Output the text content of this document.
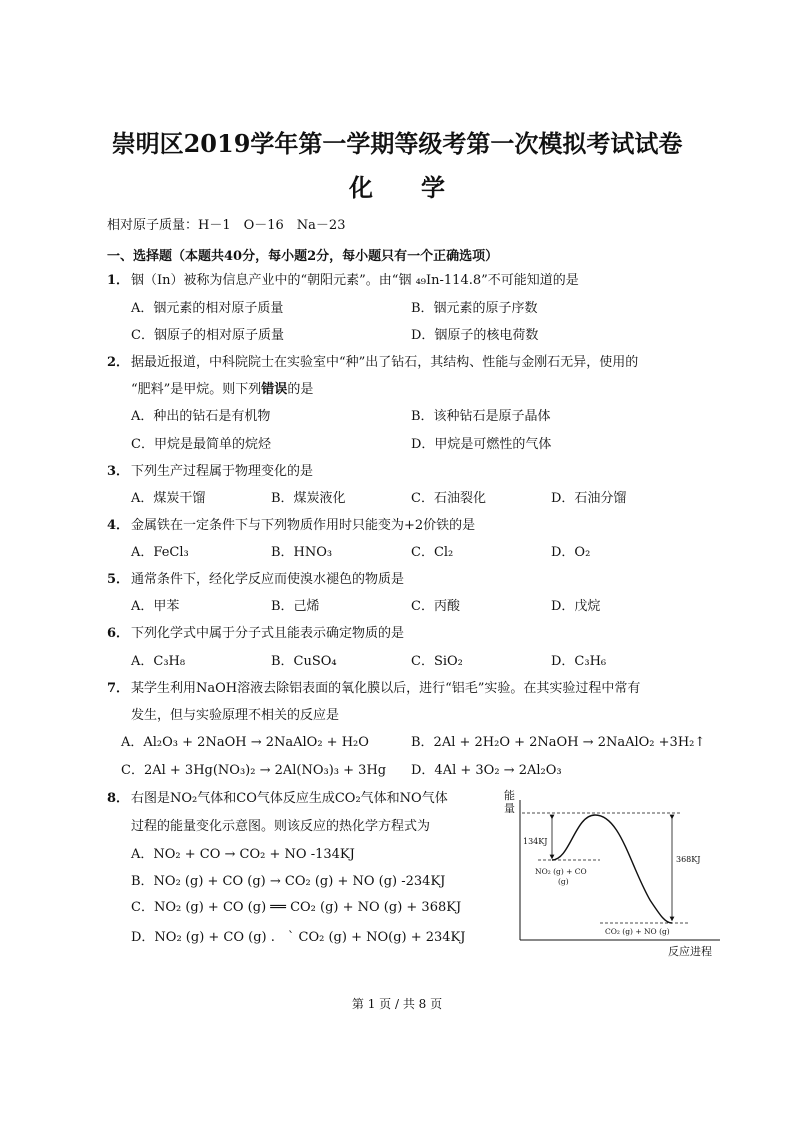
崇明区2019学年第一学期等级考第一次模拟考试试卷
化　　学
相对原子质量：H－1　O－16　Na－23
一、选择题（本题共40分，每小题2分，每小题只有一个正确选项）
1． 铟（In）被称为信息产业中的“朝阳元素”。由“铟 ₄₉In-114.8”不可能知道的是
A．铟元素的相对原子质量	B．铟元素的原子序数
C．铟原子的相对原子质量	D．铟原子的核电荷数
2． 据最近报道，中科院院士在实验室中“种”出了钻石，其结构、性能与金刚石无异，使用的
“肥料”是甲烷。则下列错误的是
A．种出的钻石是有机物	B．该种钻石是原子晶体
C．甲烷是最简单的烷烃	D．甲烷是可燃性的气体
3． 下列生产过程属于物理变化的是
A．煤炭干馏	B．煤炭液化	C．石油裂化	D．石油分馏
4． 金属铁在一定条件下与下列物质作用时只能变为+2价铁的是
A．FeCl₃	B．HNO₃	C．Cl₂	D．O₂
5． 通常条件下，经化学反应而使溴水褪色的物质是
A．甲苯	B．己烯	C．丙酸	D．戊烷
6． 下列化学式中属于分子式且能表示确定物质的是
A．C₃H₈	B．CuSO₄	C．SiO₂	D．C₃H₆
7． 某学生利用NaOH溶液去除铝表面的氧化膜以后，进行“铝毛”实验。在其实验过程中常有
发生，但与实验原理不相关的反应是
A．Al₂O₃ + 2NaOH → 2NaAlO₂ + H₂O	B．2Al + 2H₂O + 2NaOH → 2NaAlO₂ +3H₂↑
C．2Al + 3Hg(NO₃)₂ → 2Al(NO₃)₃ + 3Hg D．4Al + 3O₂ → 2Al₂O₃
8． 右图是NO₂气体和CO气体反应生成CO₂气体和NO气体
过程的能量变化示意图。则该反应的热化学方程式为
A．NO₂ + CO → CO₂ + NO -134KJ
B．NO₂ (g) + CO (g) → CO₂ (g) + NO (g) -234KJ
C．NO₂ (g) + CO (g) ══ CO₂ (g) + NO (g) + 368KJ
D．NO₂ (g) + CO (g) .　` CO₂ (g) + NO(g) + 234KJ
能
量
反应进程
134KJ
368KJ
NO₂ (g) + CO
(g)
CO₂ (g) + NO (g)
第 1 页 / 共 8 页
